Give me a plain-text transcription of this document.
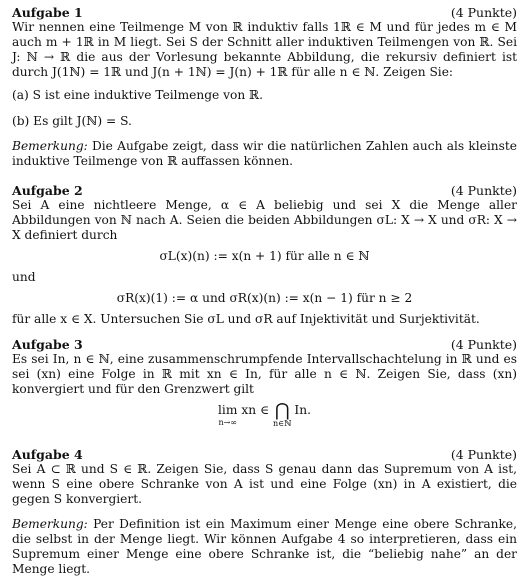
Aufgabe 1	(4 Punkte)

Wir nennen eine Teilmenge M von ℝ induktiv falls 1ℝ ∈ M und für jedes m ∈ M auch m + 1ℝ in M liegt. Sei S der Schnitt aller induktiven Teilmengen von ℝ. Sei J: ℕ → ℝ die aus der Vorlesung bekannte Abbildung, die rekursiv definiert ist durch J(1ℕ) = 1ℝ und J(n + 1ℕ) = J(n) + 1ℝ für alle n ∈ ℕ. Zeigen Sie:

(a) S ist eine induktive Teilmenge von ℝ.
(b) Es gilt J(ℕ) = S.
Bemerkung: Die Aufgabe zeigt, dass wir die natürlichen Zahlen auch als kleinste induktive Teilmenge von ℝ auffassen können.
Aufgabe 2	(4 Punkte)

Sei A eine nichtleere Menge, α ∈ A beliebig und sei X die Menge aller Abbildungen von ℕ nach A. Seien die beiden Abbildungen σL: X → X und σR: X → X definiert durch

σL(x)(n) := x(n + 1) für alle n ∈ ℕ
und
σR(x)(1) := α und σR(x)(n) := x(n − 1) für n ≥ 2

für alle x ∈ X. Untersuchen Sie σL und σR auf Injektivität und Surjektivität.

Aufgabe 3	(4 Punkte)

Es sei In, n ∈ ℕ, eine zusammenschrumpfende Intervallschachtelung in ℝ und es sei (xn) eine Folge in ℝ mit xn ∈ In, für alle n ∈ ℕ. Zeigen Sie, dass (xn) konvergiert und für den Grenzwert gilt

lim
n→∞
xn ∈ ⋂
n∈ℕ
In.
Aufgabe 4	(4 Punkte)

Sei A ⊂ ℝ und S ∈ ℝ. Zeigen Sie, dass S genau dann das Supremum von A ist, wenn S eine obere Schranke von A ist und eine Folge (xn) in A existiert, die gegen S konvergiert.

Bemerkung: Per Definition ist ein Maximum einer Menge eine obere Schranke, die selbst in der Menge liegt. Wir können Aufgabe 4 so interpretieren, dass ein Supremum einer Menge eine obere Schranke ist, die “beliebig nahe” an der Menge liegt.
